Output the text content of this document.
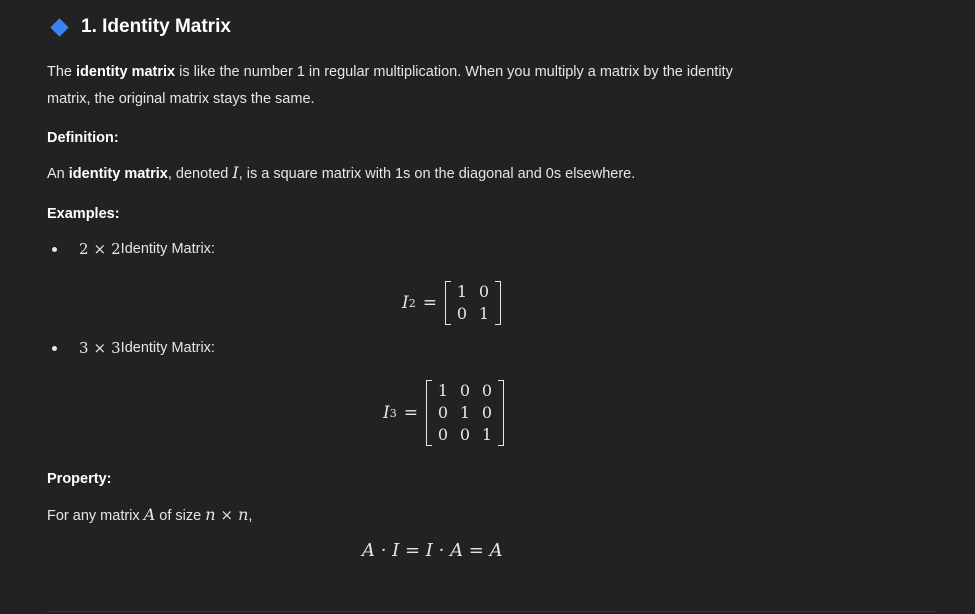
1. Identity Matrix
The identity matrix is like the number 1 in regular multiplication. When you multiply a matrix by the identity
matrix, the original matrix stays the same.
Definition:
An identity matrix, denoted I, is a square matrix with 1s on the diagonal and 0s elsewhere.
Examples:
2 × 2 Identity Matrix:
I 2 =
1 0
0 1
3 × 3 Identity Matrix:
I 3 =
1 0 0
0 1 0
0 0 1
Property:
For any matrix A of size n × n,
A · I = I · A = A
